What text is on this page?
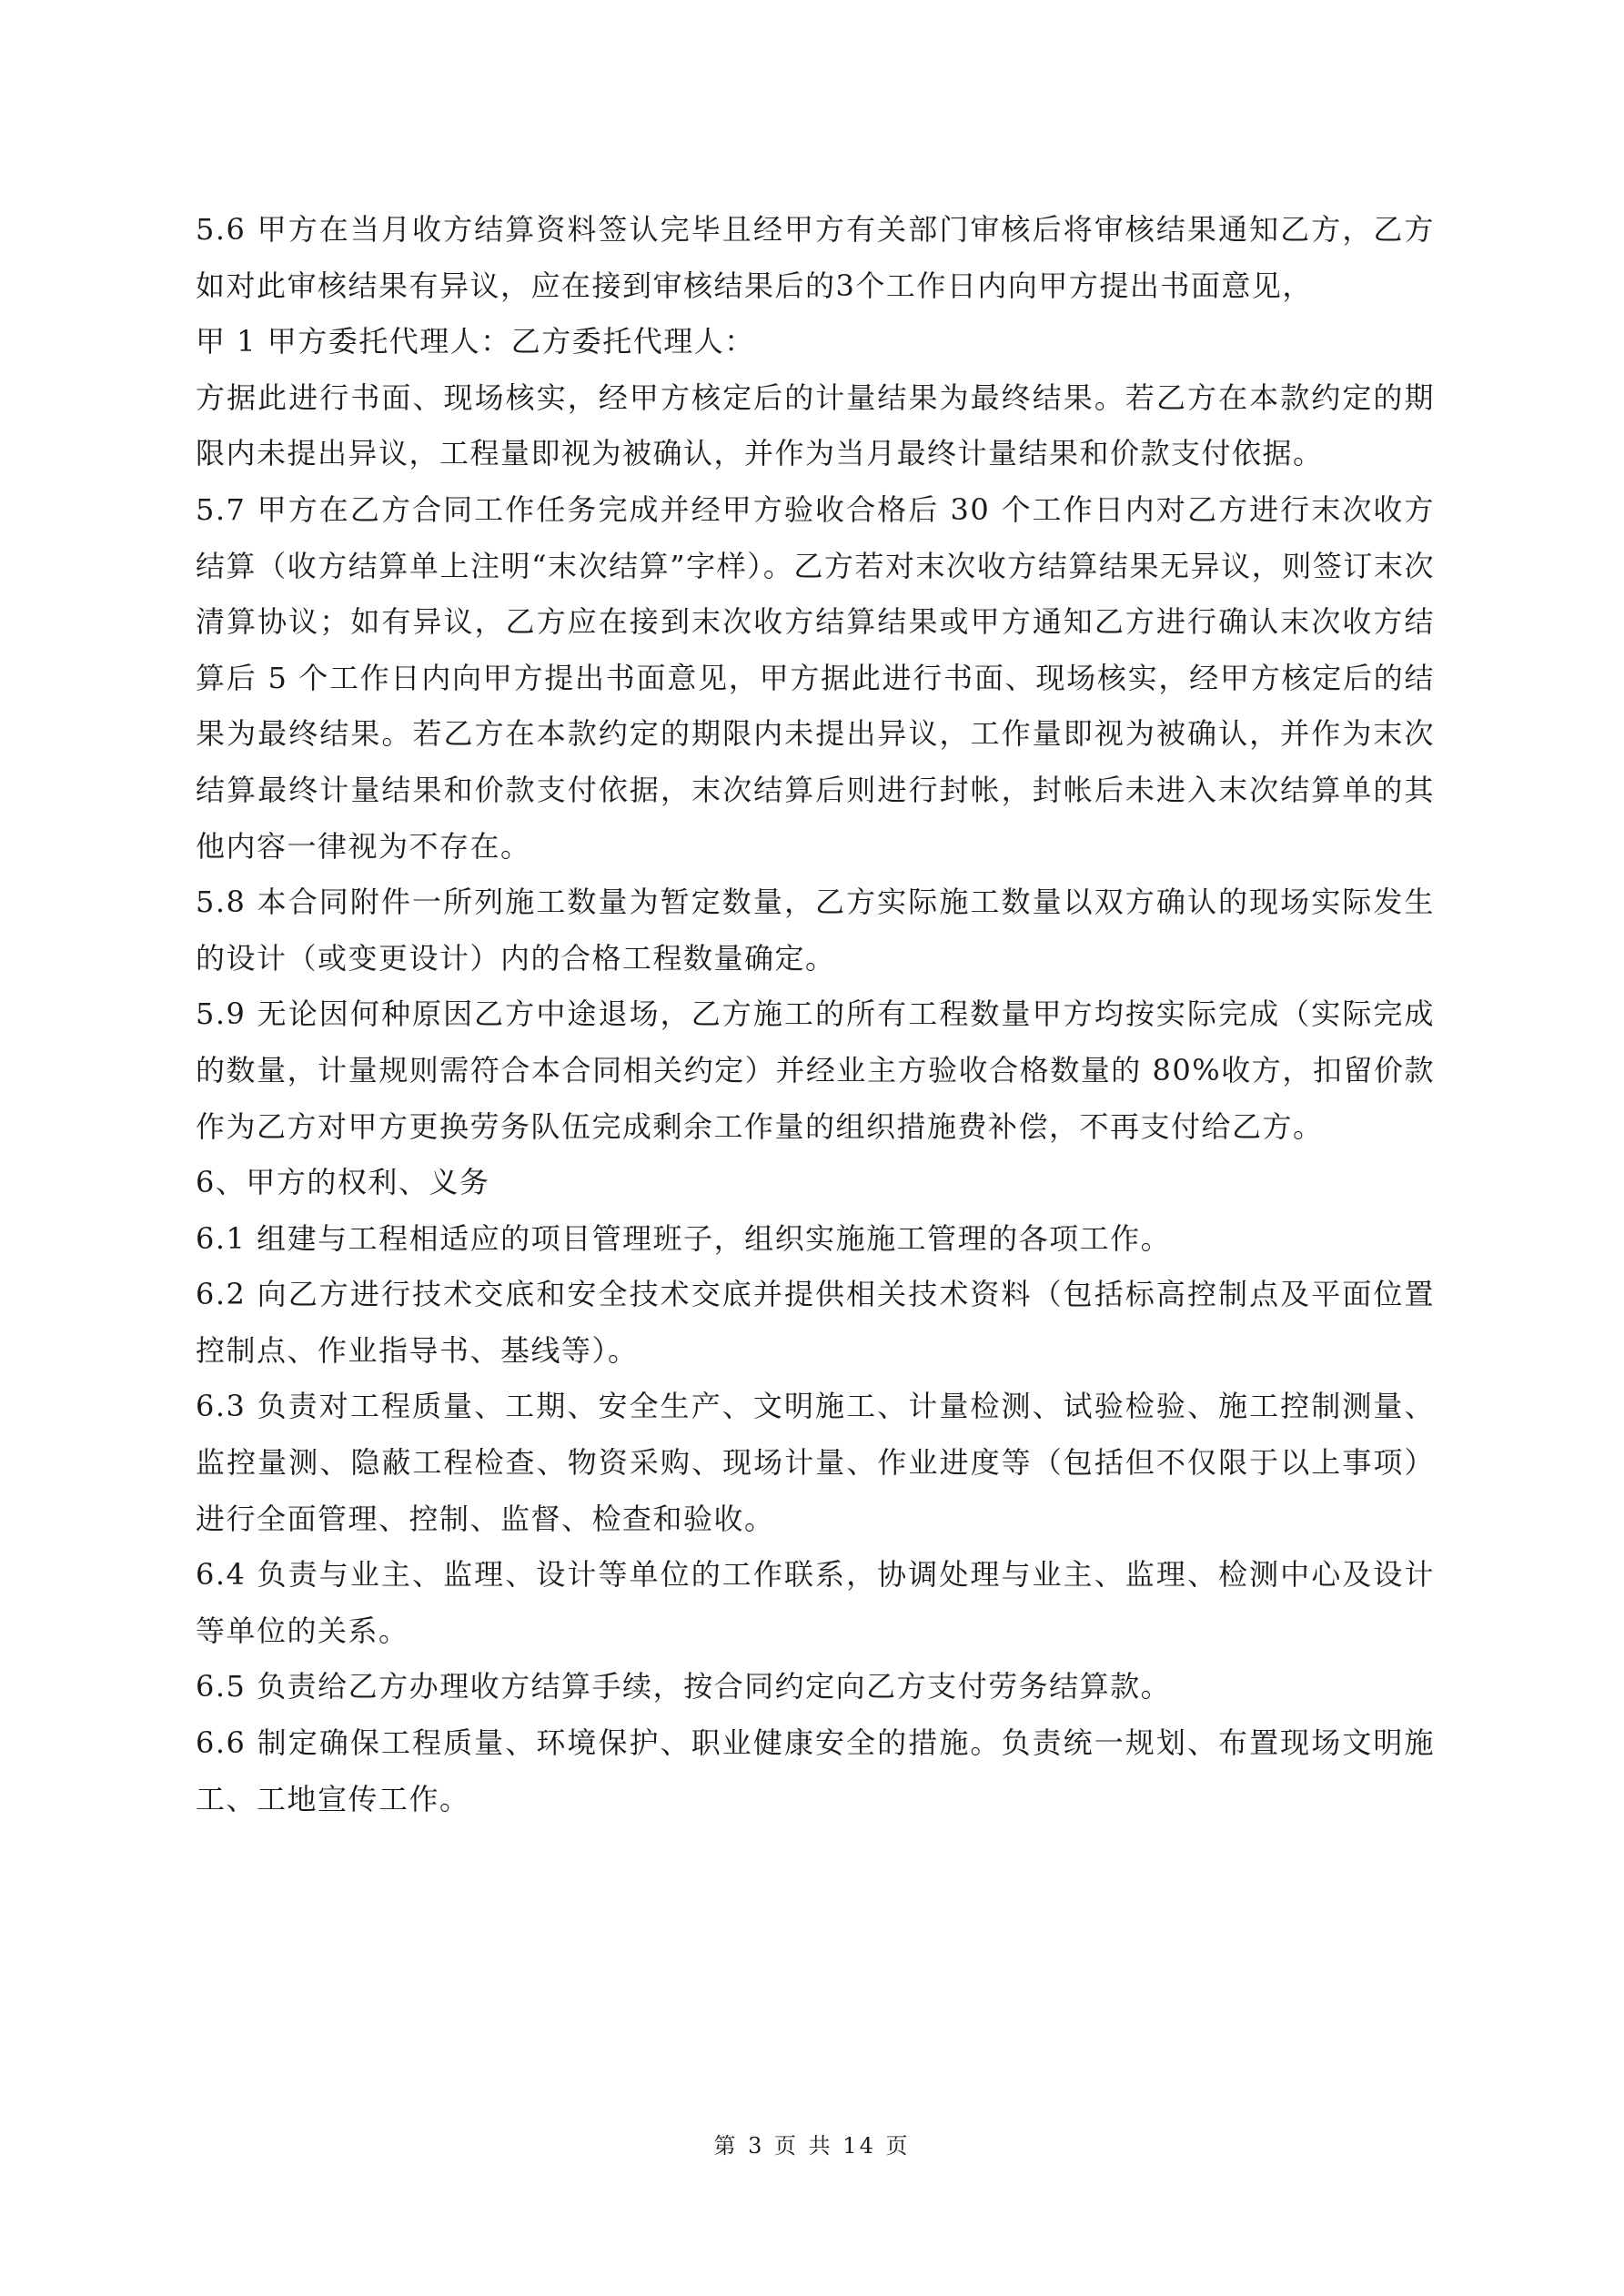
5.6 甲方在当月收方结算资料签认完毕且经甲方有关部门审核后将审核结果通知乙方，乙方如对此审核结果有异议，应在接到审核结果后的3个工作日内向甲方提出书面意见，

甲 1 甲方委托代理人：乙方委托代理人：

方据此进行书面、现场核实，经甲方核定后的计量结果为最终结果。若乙方在本款约定的期限内未提出异议，工程量即视为被确认，并作为当月最终计量结果和价款支付依据。

5.7 甲方在乙方合同工作任务完成并经甲方验收合格后 30 个工作日内对乙方进行末次收方结算（收方结算单上注明“末次结算”字样）。乙方若对末次收方结算结果无异议，则签订末次清算协议；如有异议，乙方应在接到末次收方结算结果或甲方通知乙方进行确认末次收方结算后 5 个工作日内向甲方提出书面意见，甲方据此进行书面、现场核实，经甲方核定后的结果为最终结果。若乙方在本款约定的期限内未提出异议，工作量即视为被确认，并作为末次结算最终计量结果和价款支付依据，末次结算后则进行封帐，封帐后未进入末次结算单的其他内容一律视为不存在。

5.8 本合同附件一所列施工数量为暂定数量，乙方实际施工数量以双方确认的现场实际发生的设计（或变更设计）内的合格工程数量确定。

5.9 无论因何种原因乙方中途退场，乙方施工的所有工程数量甲方均按实际完成（实际完成的数量，计量规则需符合本合同相关约定）并经业主方验收合格数量的 80%收方，扣留价款作为乙方对甲方更换劳务队伍完成剩余工作量的组织措施费补偿，不再支付给乙方。

6、甲方的权利、义务

6.1 组建与工程相适应的项目管理班子，组织实施施工管理的各项工作。

6.2 向乙方进行技术交底和安全技术交底并提供相关技术资料（包括标高控制点及平面位置控制点、作业指导书、基线等）。

6.3 负责对工程质量、工期、安全生产、文明施工、计量检测、试验检验、施工控制测量、监控量测、隐蔽工程检查、物资采购、现场计量、作业进度等（包括但不仅限于以上事项）进行全面管理、控制、监督、检查和验收。

6.4 负责与业主、监理、设计等单位的工作联系，协调处理与业主、监理、检测中心及设计等单位的关系。

6.5 负责给乙方办理收方结算手续，按合同约定向乙方支付劳务结算款。

6.6 制定确保工程质量、环境保护、职业健康安全的措施。负责统一规划、布置现场文明施工、工地宣传工作。

第 3 页 共 14 页
